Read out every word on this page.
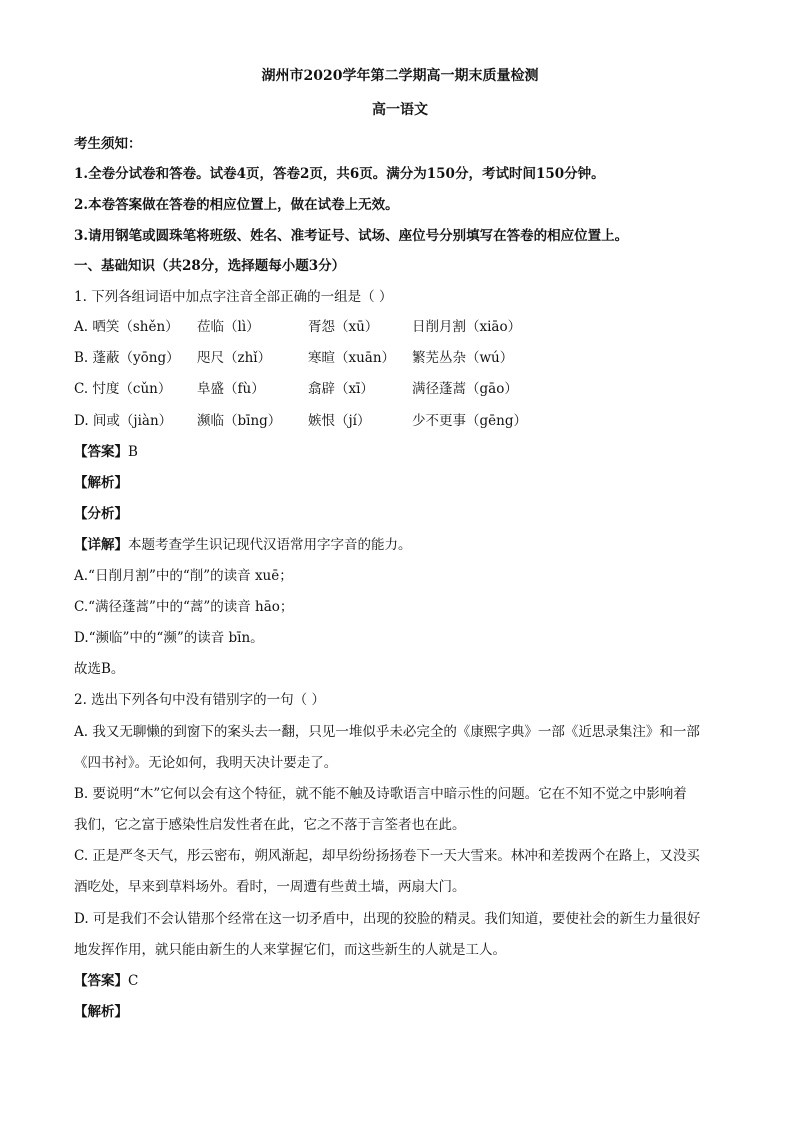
湖州市2020学年第二学期高一期末质量检测
高一语文
考生须知：
1.全卷分试卷和答卷。试卷4页，答卷2页，共6页。满分为150分，考试时间150分钟。
2.本卷答案做在答卷的相应位置上，做在试卷上无效。
3.请用钢笔或圆珠笔将班级、姓名、准考证号、试场、座位号分别填写在答卷的相应位置上。
一、基础知识（共28分，选择题每小题3分）
1. 下列各组词语中加点字注音全部正确的一组是（ ）
A. 哂笑（shěn） 莅临（lì）	胥怨（xū） 日削月割（xiāo）
B. 蓬蔽（yōng） 咫尺（zhǐ）	寒暄（xuān） 繁芜丛杂（wú）
C. 忖度（cǔn） 阜盛（fù）	翕辟（xī）	满径蓬蒿（gāo）
D. 间或（jiàn） 濒临（bīng） 嫉恨（jí）	少不更事（gēng）
【答案】B
【解析】
【分析】
【详解】本题考查学生识记现代汉语常用字字音的能力。
A.“日削月割”中的“削”的读音 xuē；
C.“满径蓬蒿”中的“蒿”的读音 hāo；
D.“濒临”中的“濒”的读音 bīn。
故选B。
2. 选出下列各句中没有错别字的一句（ ）
A. 我又无聊懒的到窗下的案头去一翻，只见一堆似乎未必完全的《康熙字典》一部《近思录集注》和一部
《四书衬》。无论如何，我明天决计要走了。
B. 要说明“木”它何以会有这个特征，就不能不触及诗歌语言中暗示性的问题。它在不知不觉之中影响着
我们，它之富于感染性启发性者在此，它之不落于言筌者也在此。
C. 正是严冬天气，彤云密布，朔风渐起，却早纷纷扬扬卷下一天大雪来。林冲和差拨两个在路上，又没买
酒吃处，早来到草料场外。看时，一周遭有些黄土墙，两扇大门。
D. 可是我们不会认错那个经常在这一切矛盾中，出现的狡脸的精灵。我们知道，要使社会的新生力量很好
地发挥作用，就只能由新生的人来掌握它们，而这些新生的人就是工人。
【答案】C
【解析】
